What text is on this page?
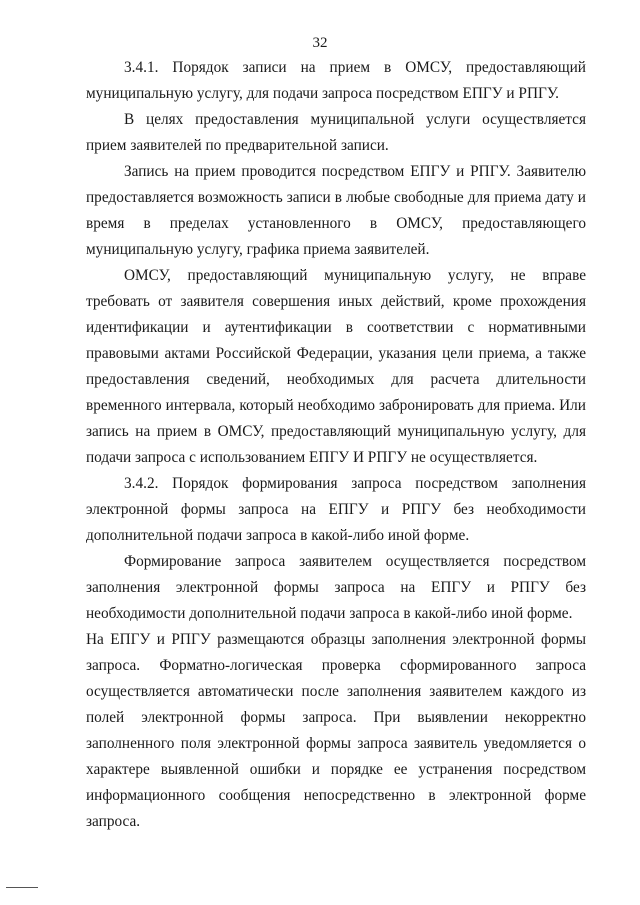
32
3.4.1. Порядок записи на прием в ОМСУ, предоставляющий
муниципальную услугу, для подачи запроса посредством ЕПГУ и РПГУ.
В целях предоставления муниципальной услуги осуществляется
прием заявителей по предварительной записи.
Запись на прием проводится посредством ЕПГУ и РПГУ. Заявителю
предоставляется возможность записи в любые свободные для приема дату и
время в пределах установленного в ОМСУ, предоставляющего
муниципальную услугу, графика приема заявителей.
ОМСУ, предоставляющий муниципальную услугу, не вправе
требовать от заявителя совершения иных действий, кроме прохождения
идентификации и аутентификации в соответствии с нормативными
правовыми актами Российской Федерации, указания цели приема, а также
предоставления сведений, необходимых для расчета длительности
временного интервала, который необходимо забронировать для приема. Или
запись на прием в ОМСУ, предоставляющий муниципальную услугу, для
подачи запроса с использованием ЕПГУ И РПГУ не осуществляется.
3.4.2. Порядок формирования запроса посредством заполнения
электронной формы запроса на ЕПГУ и РПГУ без необходимости
дополнительной подачи запроса в какой-либо иной форме.
Формирование запроса заявителем осуществляется посредством
заполнения электронной формы запроса на ЕПГУ и РПГУ без
необходимости дополнительной подачи запроса в какой-либо иной форме.
На ЕПГУ и РПГУ размещаются образцы заполнения электронной формы
запроса. Форматно-логическая проверка сформированного запроса
осуществляется автоматически после заполнения заявителем каждого из
полей электронной формы запроса. При выявлении некорректно
заполненного поля электронной формы запроса заявитель уведомляется о
характере выявленной ошибки и порядке ее устранения посредством
информационного сообщения непосредственно в электронной форме
запроса.
